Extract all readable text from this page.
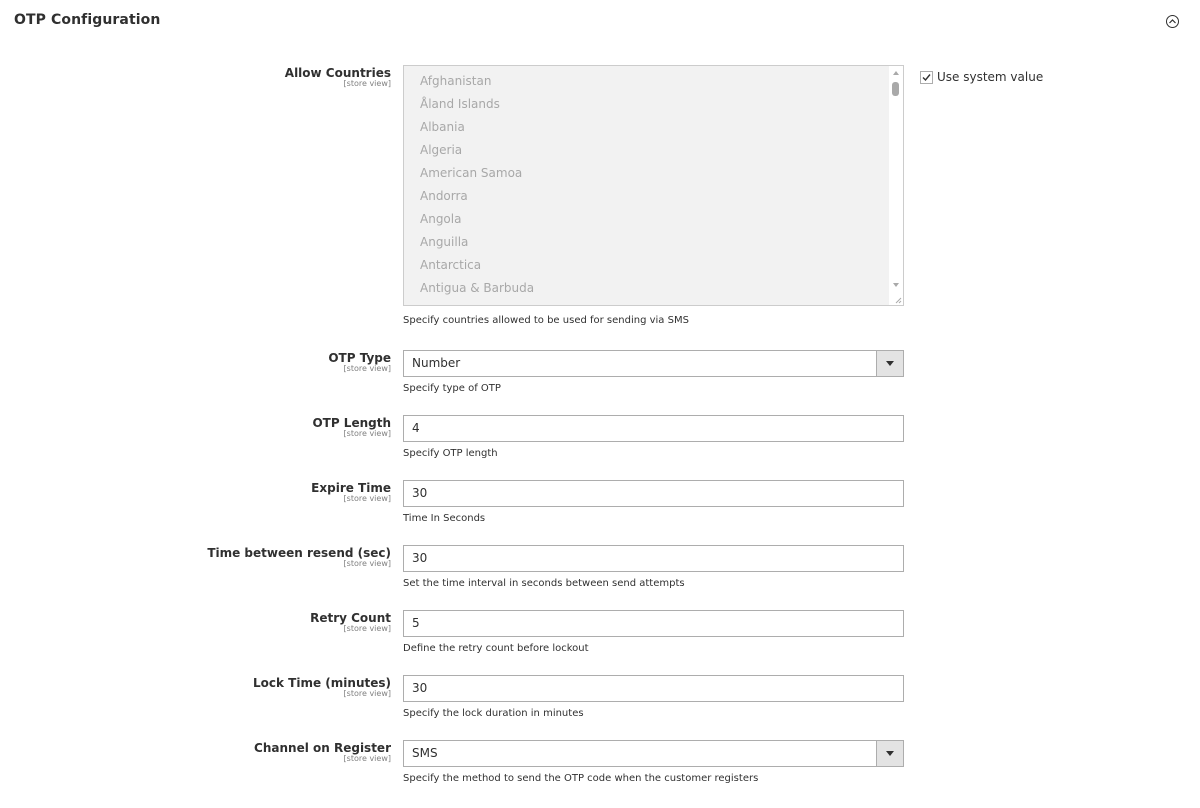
OTP Configuration
Allow Countries
[store view] Afghanistan
Åland Islands
Albania
Algeria
American Samoa
Andorra
Angola
Anguilla
Antarctica
Antigua & Barbuda
Specify countries allowed to be used for sending via SMS
Use system value
OTP Type
[store view]	Number
Specify type of OTP
OTP Length
[store view]	4
Specify OTP length
Expire Time
[store view]	30
Time In Seconds
Time between resend (sec)
[store view]	30
Set the time interval in seconds between send attempts
Retry Count
[store view]	5
Define the retry count before lockout
Lock Time (minutes)
[store view]	30
Specify the lock duration in minutes
Channel on Register
[store view]	SMS
Specify the method to send the OTP code when the customer registers
